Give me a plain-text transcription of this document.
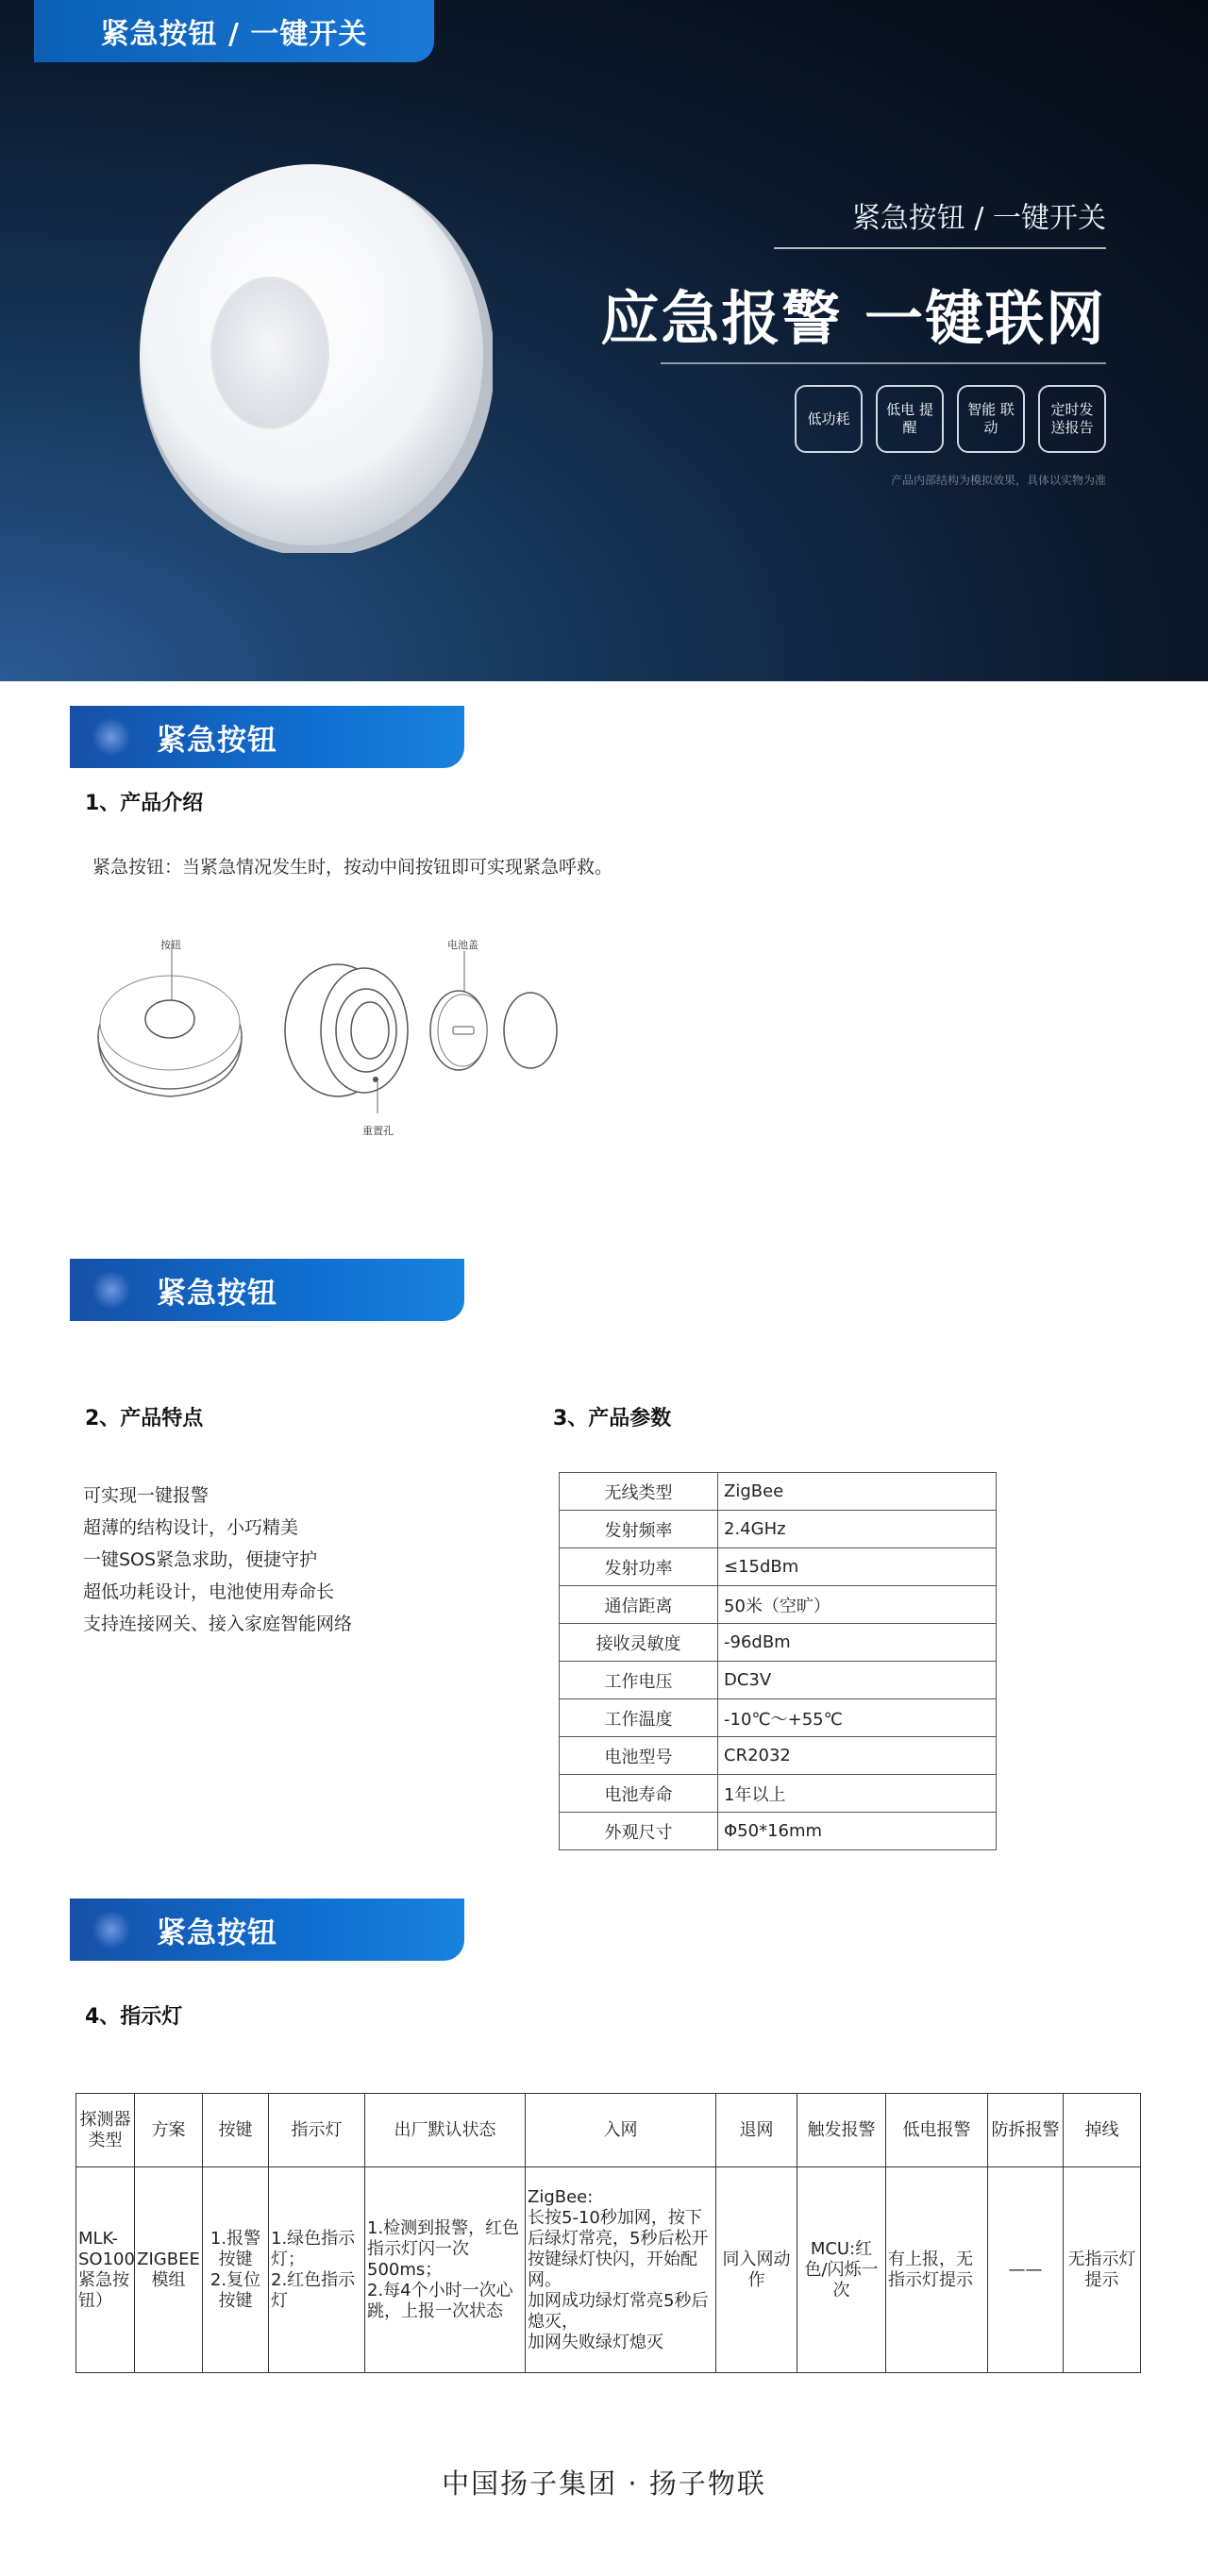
紧急按钮 / 一键开关
紧急按钮 / 一键开关
应急报警 一键联网
低功耗
低电 提醒
智能 联动
定时发 送报告
产品内部结构为模拟效果，具体以实物为准
紧急按钮
1、产品介绍
紧急按钮：当紧急情况发生时，按动中间按钮即可实现紧急呼救。
按钮
重置孔
电池盖
紧急按钮
2、产品特点	3、产品参数
可实现一键报警
超薄的结构设计，小巧精美
一键SOS紧急求助，便捷守护
超低功耗设计，电池使用寿命长
支持连接网关、接入家庭智能网络
无线类型	ZigBee
发射频率	2.4GHz
发射功率	≤15dBm
通信距离	50米（空旷）
接收灵敏度	-96dBm
工作电压	DC3V
工作温度	-10℃～+55℃
电池型号	CR2032
电池寿命	1年以上
外观尺寸	Φ50*16mm
紧急按钮
4、指示灯
探测器类型	方案	按键	指示灯	出厂默认状态	入网	退网	触发报警	低电报警	防拆报警	掉线
MLK-SO100紧急按钮）	ZIGBEE模组	1.报警按键
2.复位按键	1.绿色指示灯；
2.红色指示灯	1.检测到报警，红色指示灯闪一次500ms；
2.每4个小时一次心跳，上报一次状态	ZigBee:
长按5-10秒加网，按下后绿灯常亮，5秒后松开按键绿灯快闪，开始配网。
加网成功绿灯常亮5秒后熄灭，
加网失败绿灯熄灭	同入网动作	MCU:红色/闪烁一次	有上报，无指示灯提示	——	无指示灯提示
中国扬子集团 · 扬子物联
